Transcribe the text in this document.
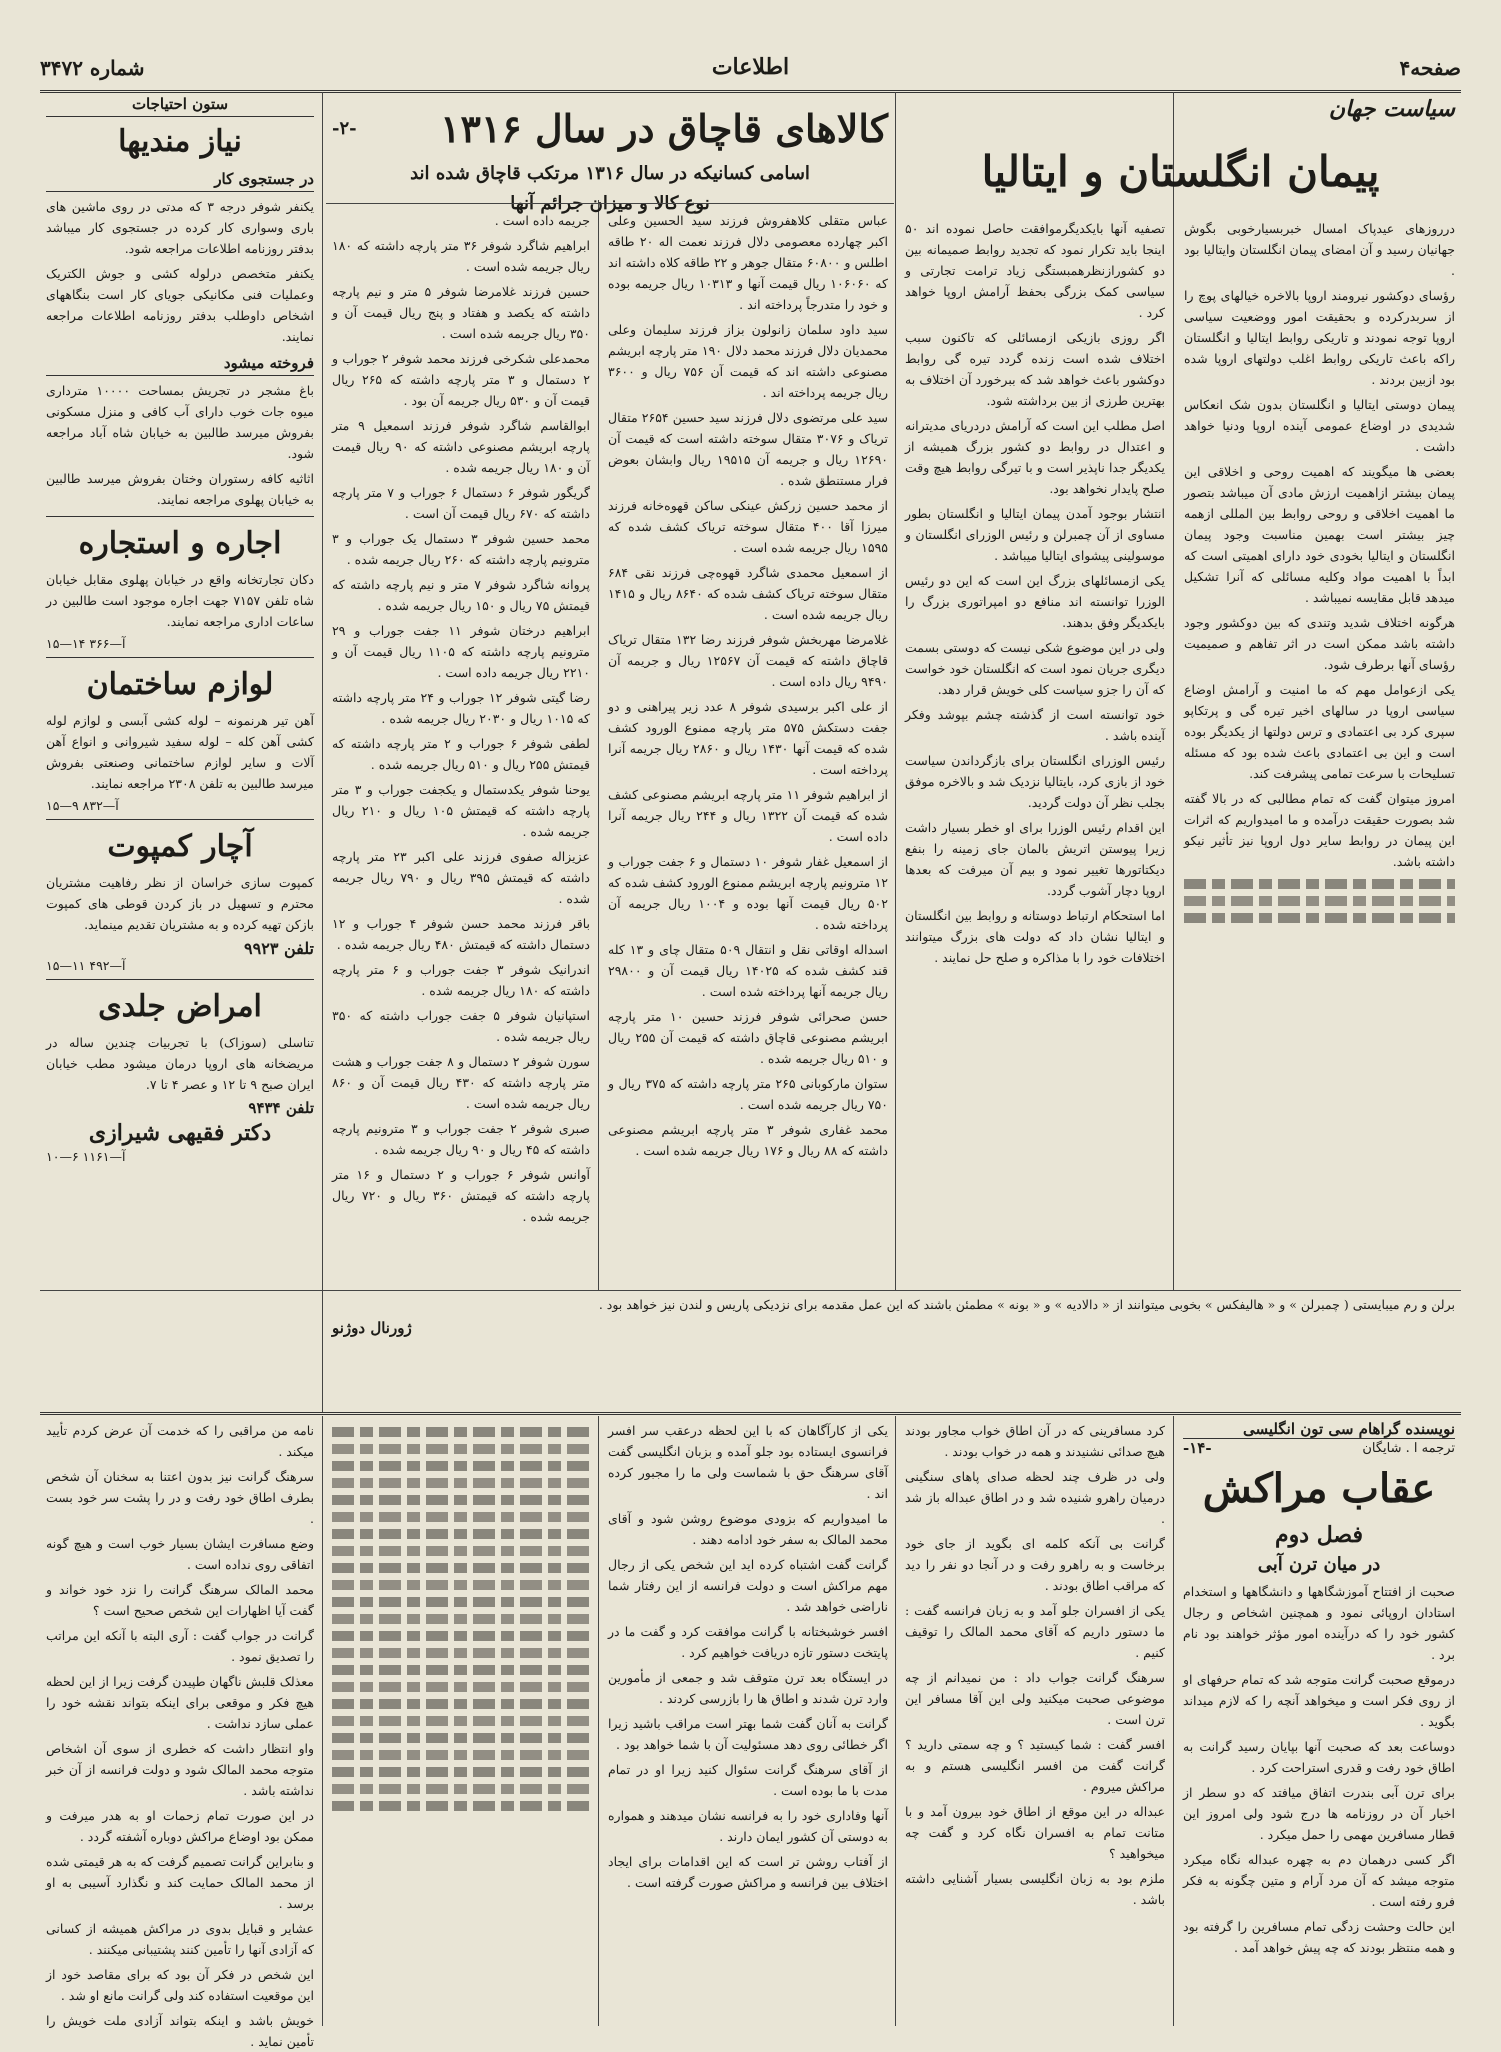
صفحه۴
اطلاعات
شماره ۳۴۷۲
سیاست جهان
پیمان انگلستان و ایتالیا

درروزهای عیدپاک امسال خبربسیارخوبی بگوش جهانیان رسید و آن امضای پیمان انگلستان وایتالیا بود .

رؤسای دوکشور نیرومند اروپا بالاخره خیالهای پوچ را از سربدرکرده و بحقیقت امور ووضعیت سیاسی اروپا توجه نمودند و تاریکی روابط ایتالیا و انگلستان راکه باعث تاریکی روابط اغلب دولتهای اروپا شده بود ازبین بردند .

پیمان دوستی ایتالیا و انگلستان بدون شک انعکاس شدیدی در اوضاع عمومی آینده اروپا ودنیا خواهد داشت .

بعضی ها میگویند که اهمیت روحی و اخلاقی این پیمان بیشتر ازاهمیت ارزش مادی آن میباشد بتصور ما اهمیت اخلاقی و روحی روابط بین المللی ازهمه چیز بیشتر است بهمین مناسبت وجود پیمان انگلستان و ایتالیا بخودی خود دارای اهمیتی است که ابداً با اهمیت مواد وکلیه مسائلی که آنرا تشکیل میدهد قابل مقایسه نمیباشد .

هرگونه اختلاف شدید وتندی که بین دوکشور وجود داشته باشد ممکن است در اثر تفاهم و صمیمیت رؤسای آنها برطرف شود.

یکی ازعوامل مهم که ما امنیت و آرامش اوضاع سیاسی اروپا در سالهای اخیر تیره گی و پرتکاپو سپری کرد بی اعتمادی و ترس دولتها از یکدیگر بوده است و این بی اعتمادی باعث شده بود که مسئله تسلیحات با سرعت تمامی پیشرفت کند.

امروز میتوان گفت که تمام مطالبی که در بالا گفته شد بصورت حقیقت درآمده و ما امیدواریم که اثرات این پیمان در روابط سایر دول اروپا نیز تأثیر نیکو داشته باشد.

تصفیه آنها بایکدیگرموافقت حاصل نموده اند ۵۰ اینجا باید تکرار نمود که تجدید روابط صمیمانه بین دو کشورازنظرهمبستگی زیاد ترامت تجارتی و سیاسی کمک بزرگی بحفظ آرامش اروپا خواهد کرد .

اگر روزی بازیکی ازمسائلی که تاکنون سبب اختلاف شده است زنده گردد تیره گی روابط دوکشور باعث خواهد شد که ببرخورد آن اختلاف به بهترین طرزی از بین برداشته شود.

اصل مطلب این است که آرامش دردریای مدیترانه و اعتدال در روابط دو کشور بزرگ همیشه از یکدیگر جدا ناپذیر است و با تیرگی روابط هیچ وقت صلح پایدار نخواهد بود.

انتشار بوجود آمدن پیمان ایتالیا و انگلستان بطور مساوی از آن چمبرلن و رئیس الوزرای انگلستان و موسولینی پیشوای ایتالیا میباشد .

یکی ازمسائلهای بزرگ این است که این دو رئیس الوزرا توانسته اند منافع دو امپراتوری بزرگ را بایکدیگر وفق بدهند.

ولی در این موضوع شکی نیست که دوستی بسمت دیگری جریان نمود است که انگلستان خود خواست که آن را جزو سیاست کلی خویش قرار دهد.

خود توانسته است از گذشته چشم بپوشد وفکر آینده باشد .

رئیس الوزرای انگلستان برای بازگرداندن سیاست خود از بازی کرد، بایتالیا نزدیک شد و بالاخره موفق بجلب نظر آن دولت گردید.

این اقدام رئیس الوزرا برای او خطر بسیار داشت زیرا پیوستن اتریش بالمان جای زمینه را بنفع دیکتاتورها تغییر نمود و بیم آن میرفت که بعدها اروپا دچار آشوب گردد.

اما استحکام ارتباط دوستانه و روابط بین انگلستان و ایتالیا نشان داد که دولت های بزرگ میتوانند اختلافات خود را با مذاکره و صلح حل نمایند .

کالاهای قاچاق در سال ۱۳۱۶
-۲-
اسامی کسانیکه در سال ۱۳۱۶ مرتکب قاچاق شده اند
نوع کالا و میزان جرائم آنها

عباس متقلی کلاهفروش فرزند سید الحسین وعلی اکبر چهارده معصومی دلال فرزند نعمت اله ۲۰ طاقه اطلس و ۶۰۸۰۰ متقال جوهر و ۲۲ طاقه کلاه داشته اند که ۱۰۶۰۶۰ ریال قیمت آنها و ۱۰۳۱۳ ریال جریمه بوده و خود را متدرجاً پرداخته اند .

سید داود سلمان زانولون بزاز فرزند سلیمان وعلی محمدیان دلال فرزند محمد دلال ۱۹۰ متر پارچه ابریشم مصنوعی داشته اند که قیمت آن ۷۵۶ ریال و ۳۶۰۰ ریال جریمه پرداخته اند .

سید علی مرتضوی دلال فرزند سید حسین ۲۶۵۴ متقال تریاک و ۳۰۷۶ متقال سوخته داشته است که قیمت آن ۱۲۶۹۰ ریال و جریمه آن ۱۹۵۱۵ ریال وابشان بعوض فرار مستنطق شده .

از محمد حسین زرکش عینکی ساکن قهوه‌خانه فرزند میرزا آقا ۴۰۰ متقال سوخته تریاک کشف شده که ۱۵۹۵ ریال جریمه شده است .

از اسمعیل محمدی شاگرد قهوه‌چی فرزند نقی ۶۸۴ متقال سوخته تریاک کشف شده که ۸۶۴۰ ریال و ۱۴۱۵ ریال جریمه شده است .

غلامرضا مهربخش شوفر فرزند رضا ۱۳۲ متقال تریاک قاچاق داشته که قیمت آن ۱۲۵۶۷ ریال و جریمه آن ۹۴۹۰ ریال داده است .

از علی اکبر برسیدی شوفر ۸ عدد زیر پیراهنی و دو جفت دستکش ۵۷۵ متر پارچه ممنوع الورود کشف شده که قیمت آنها ۱۴۳۰ ریال و ۲۸۶۰ ریال جریمه آنرا پرداخته است .

از ابراهیم شوفر ۱۱ متر پارچه ابریشم مصنوعی کشف شده که قیمت آن ۱۳۲۲ ریال و ۲۴۴ ریال جریمه آنرا داده است .

از اسمعیل غفار شوفر ۱۰ دستمال و ۶ جفت جوراب و ۱۲ مترونیم پارچه ابریشم ممنوع الورود کشف شده که ۵۰۲ ریال قیمت آنها بوده و ۱۰۰۴ ریال جریمه آن پرداخته شده .

اسداله اوقاتی نقل و انتقال ۵۰۹ متقال چای و ۱۳ کله قند کشف شده که ۱۴۰۲۵ ریال قیمت آن و ۲۹۸۰۰ ریال جریمه آنها پرداخته شده است .

حسن صحرائی شوفر فرزند حسین ۱۰ متر پارچه ابریشم مصنوعی قاچاق داشته که قیمت آن ۲۵۵ ریال و ۵۱۰ ریال جریمه شده .

ستوان مارکوبانی ۲۶۵ متر پارچه داشته که ۳۷۵ ریال و ۷۵۰ ریال جریمه شده است .

محمد غفاری شوفر ۳ متر پارچه ابریشم مصنوعی داشته که ۸۸ ریال و ۱۷۶ ریال جریمه شده است .

جریمه داده است .

ابراهیم شاگرد شوفر ۳۶ متر پارچه داشته که ۱۸۰ ریال جریمه شده است .

حسین فرزند غلامرضا شوفر ۵ متر و نیم پارچه داشته که یکصد و هفتاد و پنج ریال قیمت آن و ۳۵۰ ریال جریمه شده است .

محمدعلی شکرخی فرزند محمد شوفر ۲ جوراب و ۲ دستمال و ۳ متر پارچه داشته که ۲۶۵ ریال قیمت آن و ۵۳۰ ریال جریمه آن بود .

ابوالقاسم شاگرد شوفر فرزند اسمعیل ۹ متر پارچه ابریشم مصنوعی داشته که ۹۰ ریال قیمت آن و ۱۸۰ ریال جریمه شده .

گریگور شوفر ۶ دستمال ۶ جوراب و ۷ متر پارچه داشته که ۶۷۰ ریال قیمت آن است .

محمد حسین شوفر ۳ دستمال یک جوراب و ۳ مترونیم پارچه داشته که ۲۶۰ ریال جریمه شده .

پروانه شاگرد شوفر ۷ متر و نیم پارچه داشته که قیمتش ۷۵ ریال و ۱۵۰ ریال جریمه شده .

ابراهیم درختان شوفر ۱۱ جفت جوراب و ۲۹ مترونیم پارچه داشته که ۱۱۰۵ ریال قیمت آن و ۲۲۱۰ ریال جریمه داده است .

رضا گیتی شوفر ۱۲ جوراب و ۲۴ متر پارچه داشته که ۱۰۱۵ ریال و ۲۰۳۰ ریال جریمه شده .

لطفی شوفر ۶ جوراب و ۲ متر پارچه داشته که قیمتش ۲۵۵ ریال و ۵۱۰ ریال جریمه شده .

یوحنا شوفر یکدستمال و یکجفت جوراب و ۳ متر پارچه داشته که قیمتش ۱۰۵ ریال و ۲۱۰ ریال جریمه شده .

عزیزاله صفوی فرزند علی اکبر ۲۳ متر پارچه داشته که قیمتش ۳۹۵ ریال و ۷۹۰ ریال جریمه شده .

باقر فرزند محمد حسن شوفر ۴ جوراب و ۱۲ دستمال داشته که قیمتش ۴۸۰ ریال جریمه شده .

اندرانیک شوفر ۳ جفت جوراب و ۶ متر پارچه داشته که ۱۸۰ ریال جریمه شده .

استپانیان شوفر ۵ جفت جوراب داشته که ۳۵۰ ریال جریمه شده .

سورن شوفر ۲ دستمال و ۸ جفت جوراب و هشت متر پارچه داشته که ۴۳۰ ریال قیمت آن و ۸۶۰ ریال جریمه شده است .

صبری شوفر ۲ جفت جوراب و ۳ مترونیم پارچه داشته که ۴۵ ریال و ۹۰ ریال جریمه شده .

آوانس شوفر ۶ جوراب و ۲ دستمال و ۱۶ متر پارچه داشته که قیمتش ۳۶۰ ریال و ۷۲۰ ریال جریمه شده .

برلن و رم میبایستی ( چمبرلن » و « هالیفکس » بخوبی میتوانند از « دالادیه » و « بونه » مطمئن باشند که این عمل مقدمه برای نزدیکی پاریس و لندن نیز خواهد بود .

ژورنال دوژنو
ستون احتیاجات
نیاز مندیها
در جستجوی کار

یکنفر شوفر درجه ۳ که مدتی در روی ماشین های باری وسواری کار کرده در جستجوی کار میباشد بدفتر روزنامه اطلاعات مراجعه شود.

یکنفر متخصص درلوله کشی و جوش الکتریک وعملیات فنی مکانیکی جویای کار است بنگاههای اشخاص داوطلب بدفتر روزنامه اطلاعات مراجعه نمایند.

فروخته میشود

باغ مشجر در تجریش بمساحت ۱۰۰۰۰ مترداری میوه جات خوب دارای آب کافی و منزل مسکونی بفروش میرسد طالبین به خیابان شاه آباد مراجعه شود.

اثاثیه کافه رستوران وختان بفروش میرسد طالبین به خیابان پهلوی مراجعه نمایند.

اجاره و استجاره

دکان تجارتخانه واقع در خیابان پهلوی مقابل خیابان شاه تلفن ۷۱۵۷ جهت اجاره موجود است طالبین در ساعات اداری مراجعه نمایند.

آ—۳۶۶ ۱۴—۱۵
لوازم ساختمان

آهن تیر هرنمونه – لوله کشی آبسی و لوازم لوله کشی آهن کله – لوله سفید شیروانی و انواع آهن آلات و سایر لوازم ساختمانی وصنعتی بفروش میرسد طالبین به تلفن ۲۳۰۸ مراجعه نمایند.

آ—۸۳۲ ۹—۱۵
آچار کمپوت

کمپوت سازی خراسان از نظر رفاهیت مشتریان محترم و تسهیل در باز کردن قوطی های کمپوت بازکن تهیه کرده و به مشتریان تقدیم مینماید.

تلفن ۹۹۲۳
آ—۴۹۲ ۱۱—۱۵
امراض جلدی

تناسلی (سوزاک) با تجربیات چندین ساله در مریضخانه های اروپا درمان میشود مطب خیابان ایران صبح ۹ تا ۱۲ و عصر ۴ تا ۷.

تلفن ۹۴۳۴
دکتر فقیهی شیرازی
آ—۱۱۶۱ ۶—۱۰
نویسنده گراهام سی تون انگلیسی
ترجمه ا . شایگان
-۱۴-
عقاب مراکش
فصل دوم
در میان ترن آبی

صحبت از افتتاح آموزشگاهها و دانشگاهها و استخدام استادان اروپائی نمود و همچنین اشخاص و رجال کشور خود را که درآینده امور مؤثر خواهند بود نام برد .

درموقع صحبت گرانت متوجه شد که تمام حرفهای او از روی فکر است و میخواهد آنچه را که لازم میداند بگوید .

دوساعت بعد که صحبت آنها بپایان رسید گرانت به اطاق خود رفت و قدری استراحت کرد .

برای ترن آبی بندرت اتفاق میافتد که دو سطر از اخبار آن در روزنامه ها درج شود ولی امروز این قطار مسافرین مهمی را حمل میکرد .

اگر کسی درهمان دم به چهره عبداله نگاه میکرد متوجه میشد که آن مرد آرام و متین چگونه به فکر فرو رفته است .

این حالت وحشت زدگی تمام مسافرین را گرفته بود و همه منتظر بودند که چه پیش خواهد آمد .

کرد مسافرینی که در آن اطاق خواب مجاور بودند هیچ صدائی نشنیدند و همه در خواب بودند .

ولی در ظرف چند لحظه صدای پاهای سنگینی درمیان راهرو شنیده شد و در اطاق عبداله باز شد .

گرانت بی آنکه کلمه ای بگوید از جای خود برخاست و به راهرو رفت و در آنجا دو نفر را دید که مراقب اطاق بودند .

یکی از افسران جلو آمد و به زبان فرانسه گفت : ما دستور داریم که آقای محمد المالک را توقیف کنیم .

سرهنگ گرانت جواب داد : من نمیدانم از چه موضوعی صحبت میکنید ولی این آقا مسافر این ترن است .

افسر گفت : شما کیستید ؟ و چه سمتی دارید ؟ گرانت گفت من افسر انگلیسی هستم و به مراکش میروم .

عبداله در این موقع از اطاق خود بیرون آمد و با متانت تمام به افسران نگاه کرد و گفت چه میخواهید ؟

ملزم بود به زبان انگلیسی بسیار آشنایی داشته باشد .

یکی از کارآگاهان که با این لحظه درعقب سر افسر فرانسوی ایستاده بود جلو آمده و بزبان انگلیسی گفت آقای سرهنگ حق با شماست ولی ما را مجبور کرده اند .

ما امیدواریم که بزودی موضوع روشن شود و آقای محمد المالک به سفر خود ادامه دهند .

گرانت گفت اشتباه کرده اید این شخص یکی از رجال مهم مراکش است و دولت فرانسه از این رفتار شما ناراضی خواهد شد .

افسر خوشبختانه با گرانت موافقت کرد و گفت ما در پایتخت دستور تازه دریافت خواهیم کرد .

در ایستگاه بعد ترن متوقف شد و جمعی از مأمورین وارد ترن شدند و اطاق ها را بازرسی کردند .

گرانت به آنان گفت شما بهتر است مراقب باشید زیرا اگر خطائی روی دهد مسئولیت آن با شما خواهد بود .

از آقای سرهنگ گرانت سئوال کنید زیرا او در تمام مدت با ما بوده است .

آنها وفاداری خود را به فرانسه نشان میدهند و همواره به دوستی آن کشور ایمان دارند .

از آفتاب روشن تر است که این اقدامات برای ایجاد اختلاف بین فرانسه و مراکش صورت گرفته است .

نامه من مراقبی را که خدمت آن عرض کردم تأیید میکند .

سرهنگ گرانت نیز بدون اعتنا به سخنان آن شخص بطرف اطاق خود رفت و در را پشت سر خود بست .

وضع مسافرت ایشان بسیار خوب است و هیچ گونه اتفاقی روی نداده است .

محمد المالک سرهنگ گرانت را نزد خود خواند و گفت آیا اظهارات این شخص صحیح است ؟

گرانت در جواب گفت : آری البته با آنکه این مراتب را تصدیق نمود .

معذلک قلبش ناگهان طپیدن گرفت زیرا از این لحظه هیچ فکر و موقعی برای اینکه بتواند نقشه خود را عملی سازد نداشت .

واو انتظار داشت که خطری از سوی آن اشخاص متوجه محمد المالک شود و دولت فرانسه از آن خبر نداشته باشد .

در این صورت تمام زحمات او به هدر میرفت و ممکن بود اوضاع مراکش دوباره آشفته گردد .

و بنابراین گرانت تصمیم گرفت که به هر قیمتی شده از محمد المالک حمایت کند و نگذارد آسیبی به او برسد .

عشایر و قبایل بدوی در مراکش همیشه از کسانی که آزادی آنها را تأمین کنند پشتیبانی میکنند .

این شخص در فکر آن بود که برای مقاصد خود از این موقعیت استفاده کند ولی گرانت مانع او شد .

خویش باشد و اینکه بتواند آزادی ملت خویش را تأمین نماید .
